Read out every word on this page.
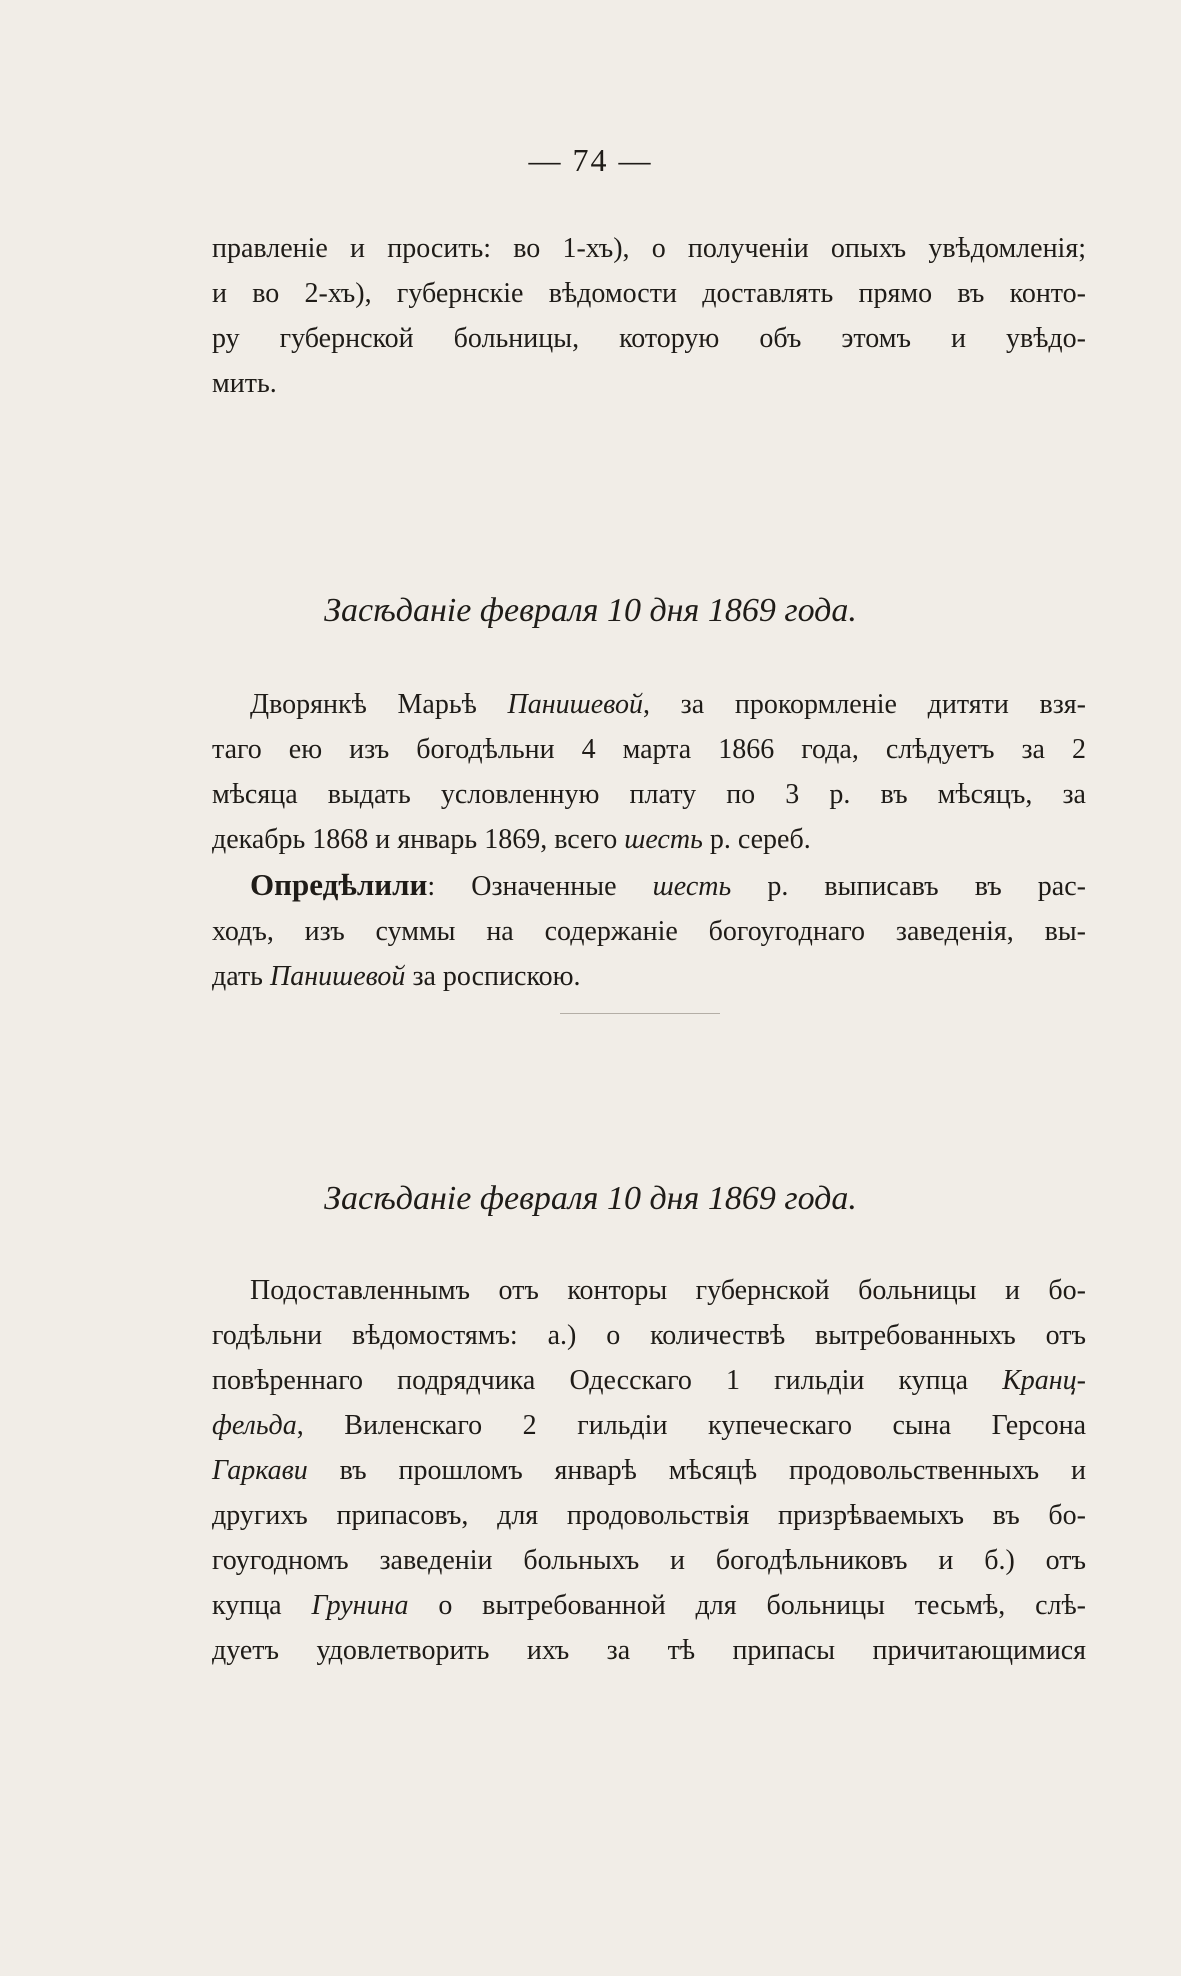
— 74 —
правленіе и просить: во 1-хъ), о полученіи опыхъ увѣдомленія;
и во 2-хъ), губернскіе вѣдомости доставлять прямо въ конто-
ру губернской больницы, которую объ этомъ и увѣдо-
мить.
Засѣданіе февраля 10 дня 1869 года.
Дворянкѣ Марьѣ Панишевой, за прокормленіе дитяти взя-
таго ею изъ богодѣльни 4 марта 1866 года, слѣдуетъ за 2
мѣсяца выдать условленную плату по 3 р. въ мѣсяцъ, за
декабрь 1868 и январь 1869, всего шесть р. сереб.
Опредѣлили: Означенные шесть р. выписавъ въ рас-
ходъ, изъ суммы на содержаніе богоугоднаго заведенія, вы-
дать Панишевой за роспискою.
Засѣданіе февраля 10 дня 1869 года.
Подоставленнымъ отъ конторы губернской больницы и бо-
годѣльни вѣдомостямъ: а.) о количествѣ вытребованныхъ отъ
повѣреннаго подрядчика Одесскаго 1 гильдіи купца Кранц-
фельда, Виленскаго 2 гильдіи купеческаго сына Герсона
Гаркави въ прошломъ январѣ мѣсяцѣ продовольственныхъ и
другихъ припасовъ, для продовольствія призрѣваемыхъ въ бо-
гоугодномъ заведеніи больныхъ и богодѣльниковъ и б.) отъ
купца Грунина о вытребованной для больницы тесьмѣ, слѣ-
дуетъ удовлетворить ихъ за тѣ припасы причитающимися
